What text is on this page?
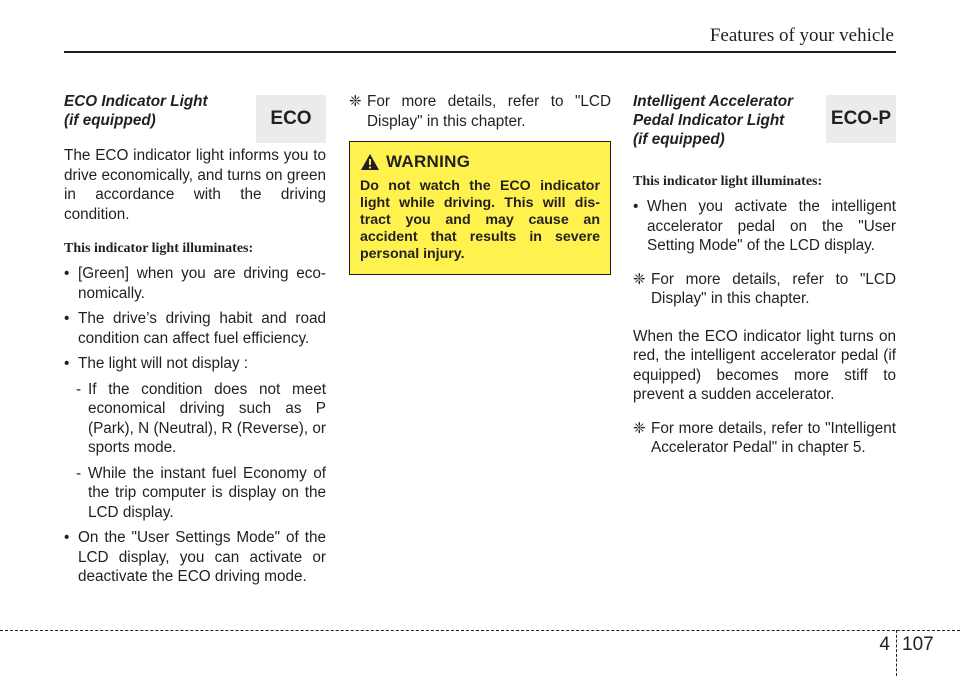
Features of your vehicle
ECO Indicator Light
(if equipped)
The ECO indicator light informs you to drive economically, and turns on green in accordance with the driving condition.
This indicator light illuminates:
• [Green] when you are driving eco-nomically.
• The drive’s driving habit and road condition can affect fuel efficiency.
• The light will not display :
- If the condition does not meet economical driving such as P (Park), N (Neutral), R (Reverse), or sports mode.
- While the instant fuel Economy of the trip computer is display on the LCD display.
• On the "User Settings Mode" of the LCD display, you can activate or deactivate the ECO driving mode.
ECO
❈ For more details, refer to "LCD Display" in this chapter.
WARNING
Do not watch the ECO indicator light while driving. This will dis-tract you and may cause an accident that results in severe personal injury.
Intelligent Accelerator
Pedal Indicator Light
(if equipped)
This indicator light illuminates:
• When you activate the intelligent accelerator pedal on the "User Setting Mode" of the LCD display.
❈ For more details, refer to "LCD Display" in this chapter.
When the ECO indicator light turns on red, the intelligent accelerator pedal (if equipped) becomes more stiff to prevent a sudden accelerator.
❈ For more details, refer to "Intelligent Accelerator Pedal" in chapter 5.
ECO-P
4 107
